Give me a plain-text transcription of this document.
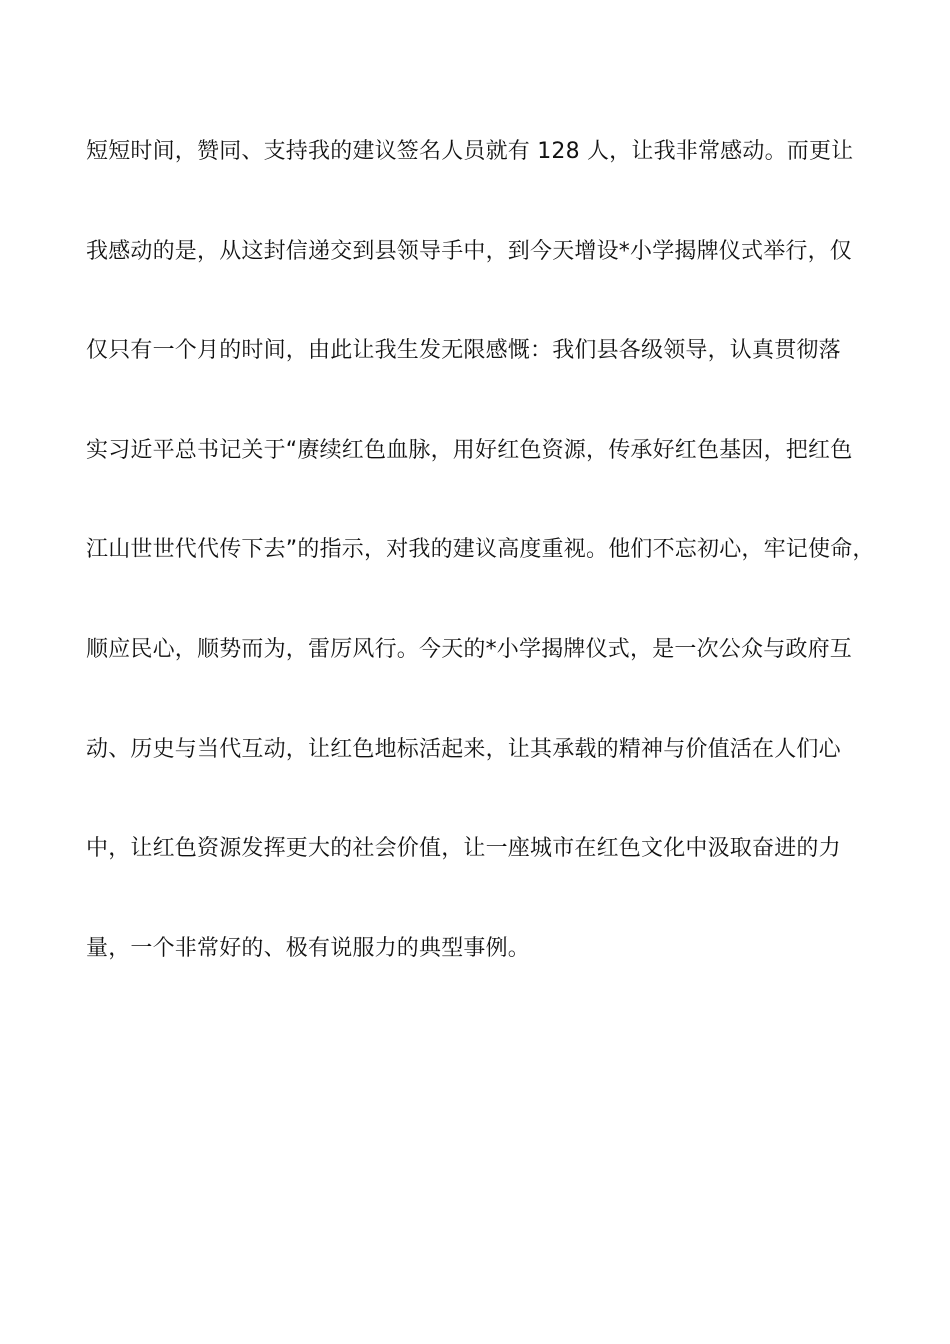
短短时间，赞同、支持我的建议签名人员就有 128 人，让我非常感动。而更让
我感动的是，从这封信递交到县领导手中，到今天增设*小学揭牌仪式举行，仅
仅只有一个月的时间，由此让我生发无限感慨：我们县各级领导，认真贯彻落
实习近平总书记关于“赓续红色血脉，用好红色资源，传承好红色基因，把红色
江山世世代代传下去”的指示，对我的建议高度重视。他们不忘初心，牢记使命，
顺应民心，顺势而为，雷厉风行。今天的*小学揭牌仪式，是一次公众与政府互
动、历史与当代互动，让红色地标活起来，让其承载的精神与价值活在人们心
中，让红色资源发挥更大的社会价值，让一座城市在红色文化中汲取奋进的力
量，一个非常好的、极有说服力的典型事例。
